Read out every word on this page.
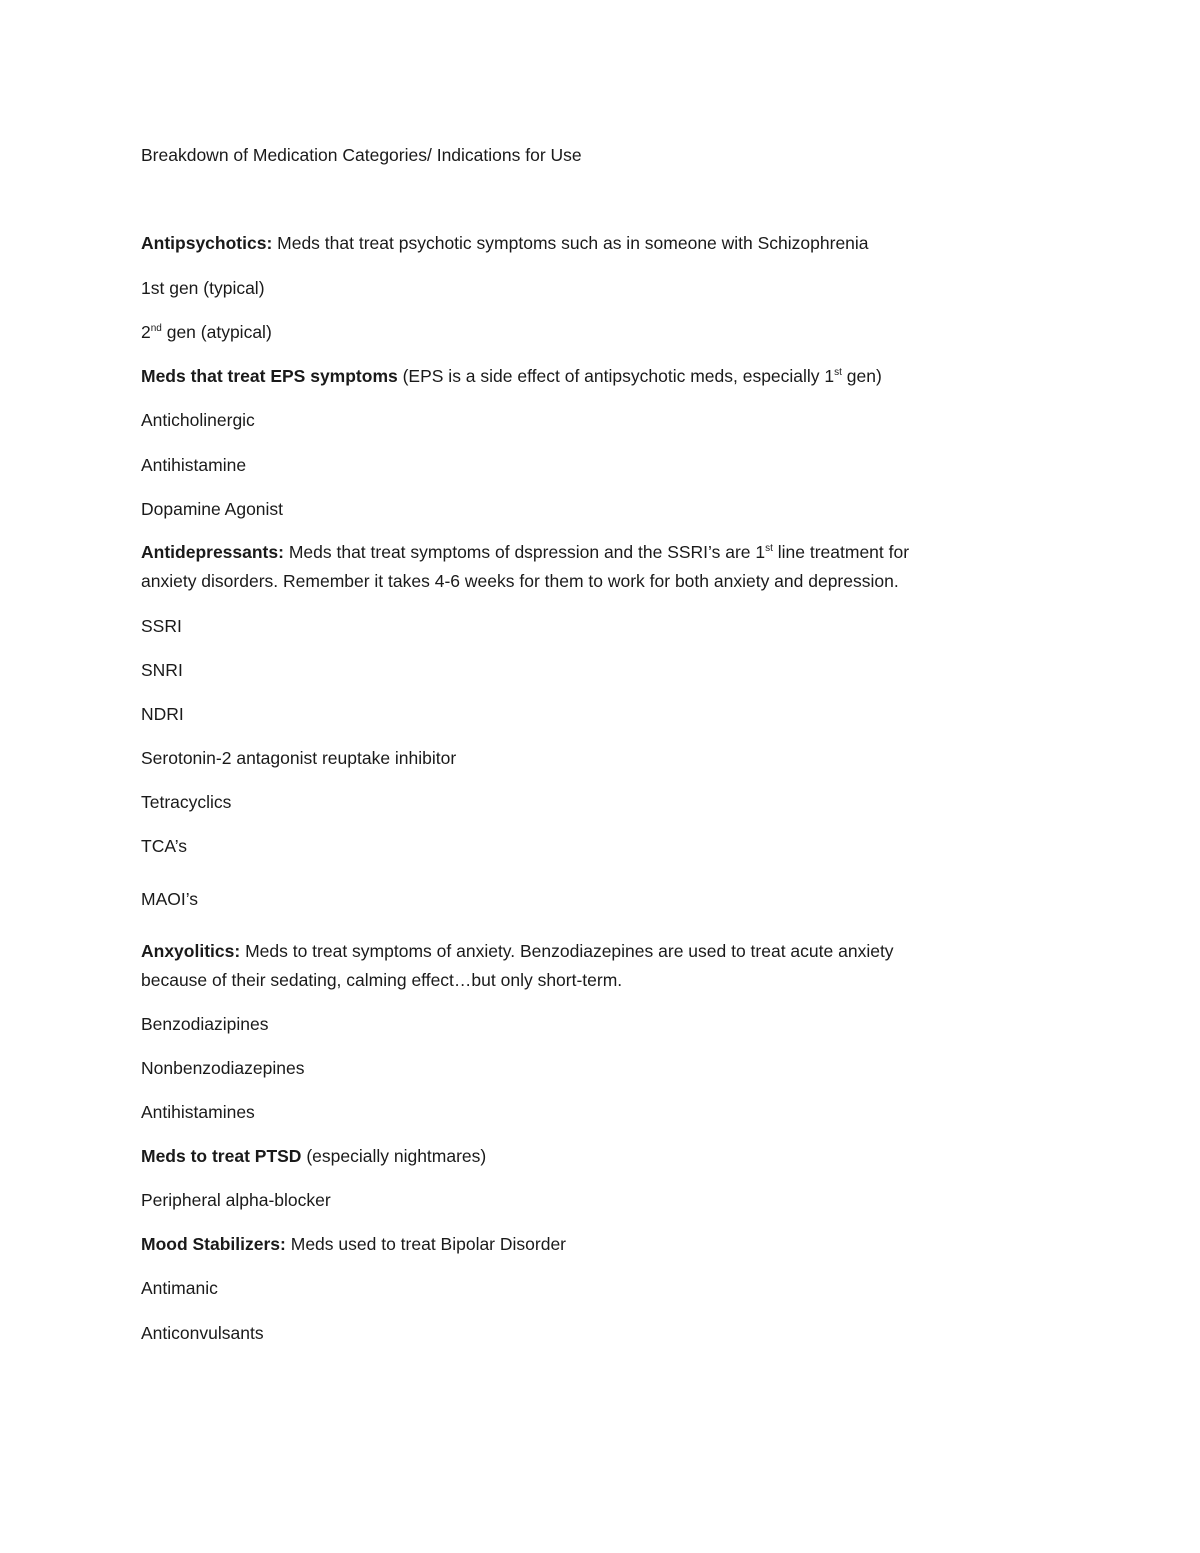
Breakdown of Medication Categories/ Indications for Use
Antipsychotics: Meds that treat psychotic symptoms such as in someone with Schizophrenia
1st gen (typical)
2nd gen (atypical)
Meds that treat EPS symptoms (EPS is a side effect of antipsychotic meds, especially 1st gen)
Anticholinergic
Antihistamine
Dopamine Agonist
Antidepressants: Meds that treat symptoms of dspression and the SSRI’s are 1st line treatment for
anxiety disorders. Remember it takes 4-6 weeks for them to work for both anxiety and depression.
SSRI
SNRI
NDRI
Serotonin-2 antagonist reuptake inhibitor
Tetracyclics
TCA’s
MAOI’s
Anxyolitics: Meds to treat symptoms of anxiety. Benzodiazepines are used to treat acute anxiety
because of their sedating, calming effect…but only short-term.
Benzodiazipines
Nonbenzodiazepines
Antihistamines
Meds to treat PTSD (especially nightmares)
Peripheral alpha-blocker
Mood Stabilizers: Meds used to treat Bipolar Disorder
Antimanic
Anticonvulsants
